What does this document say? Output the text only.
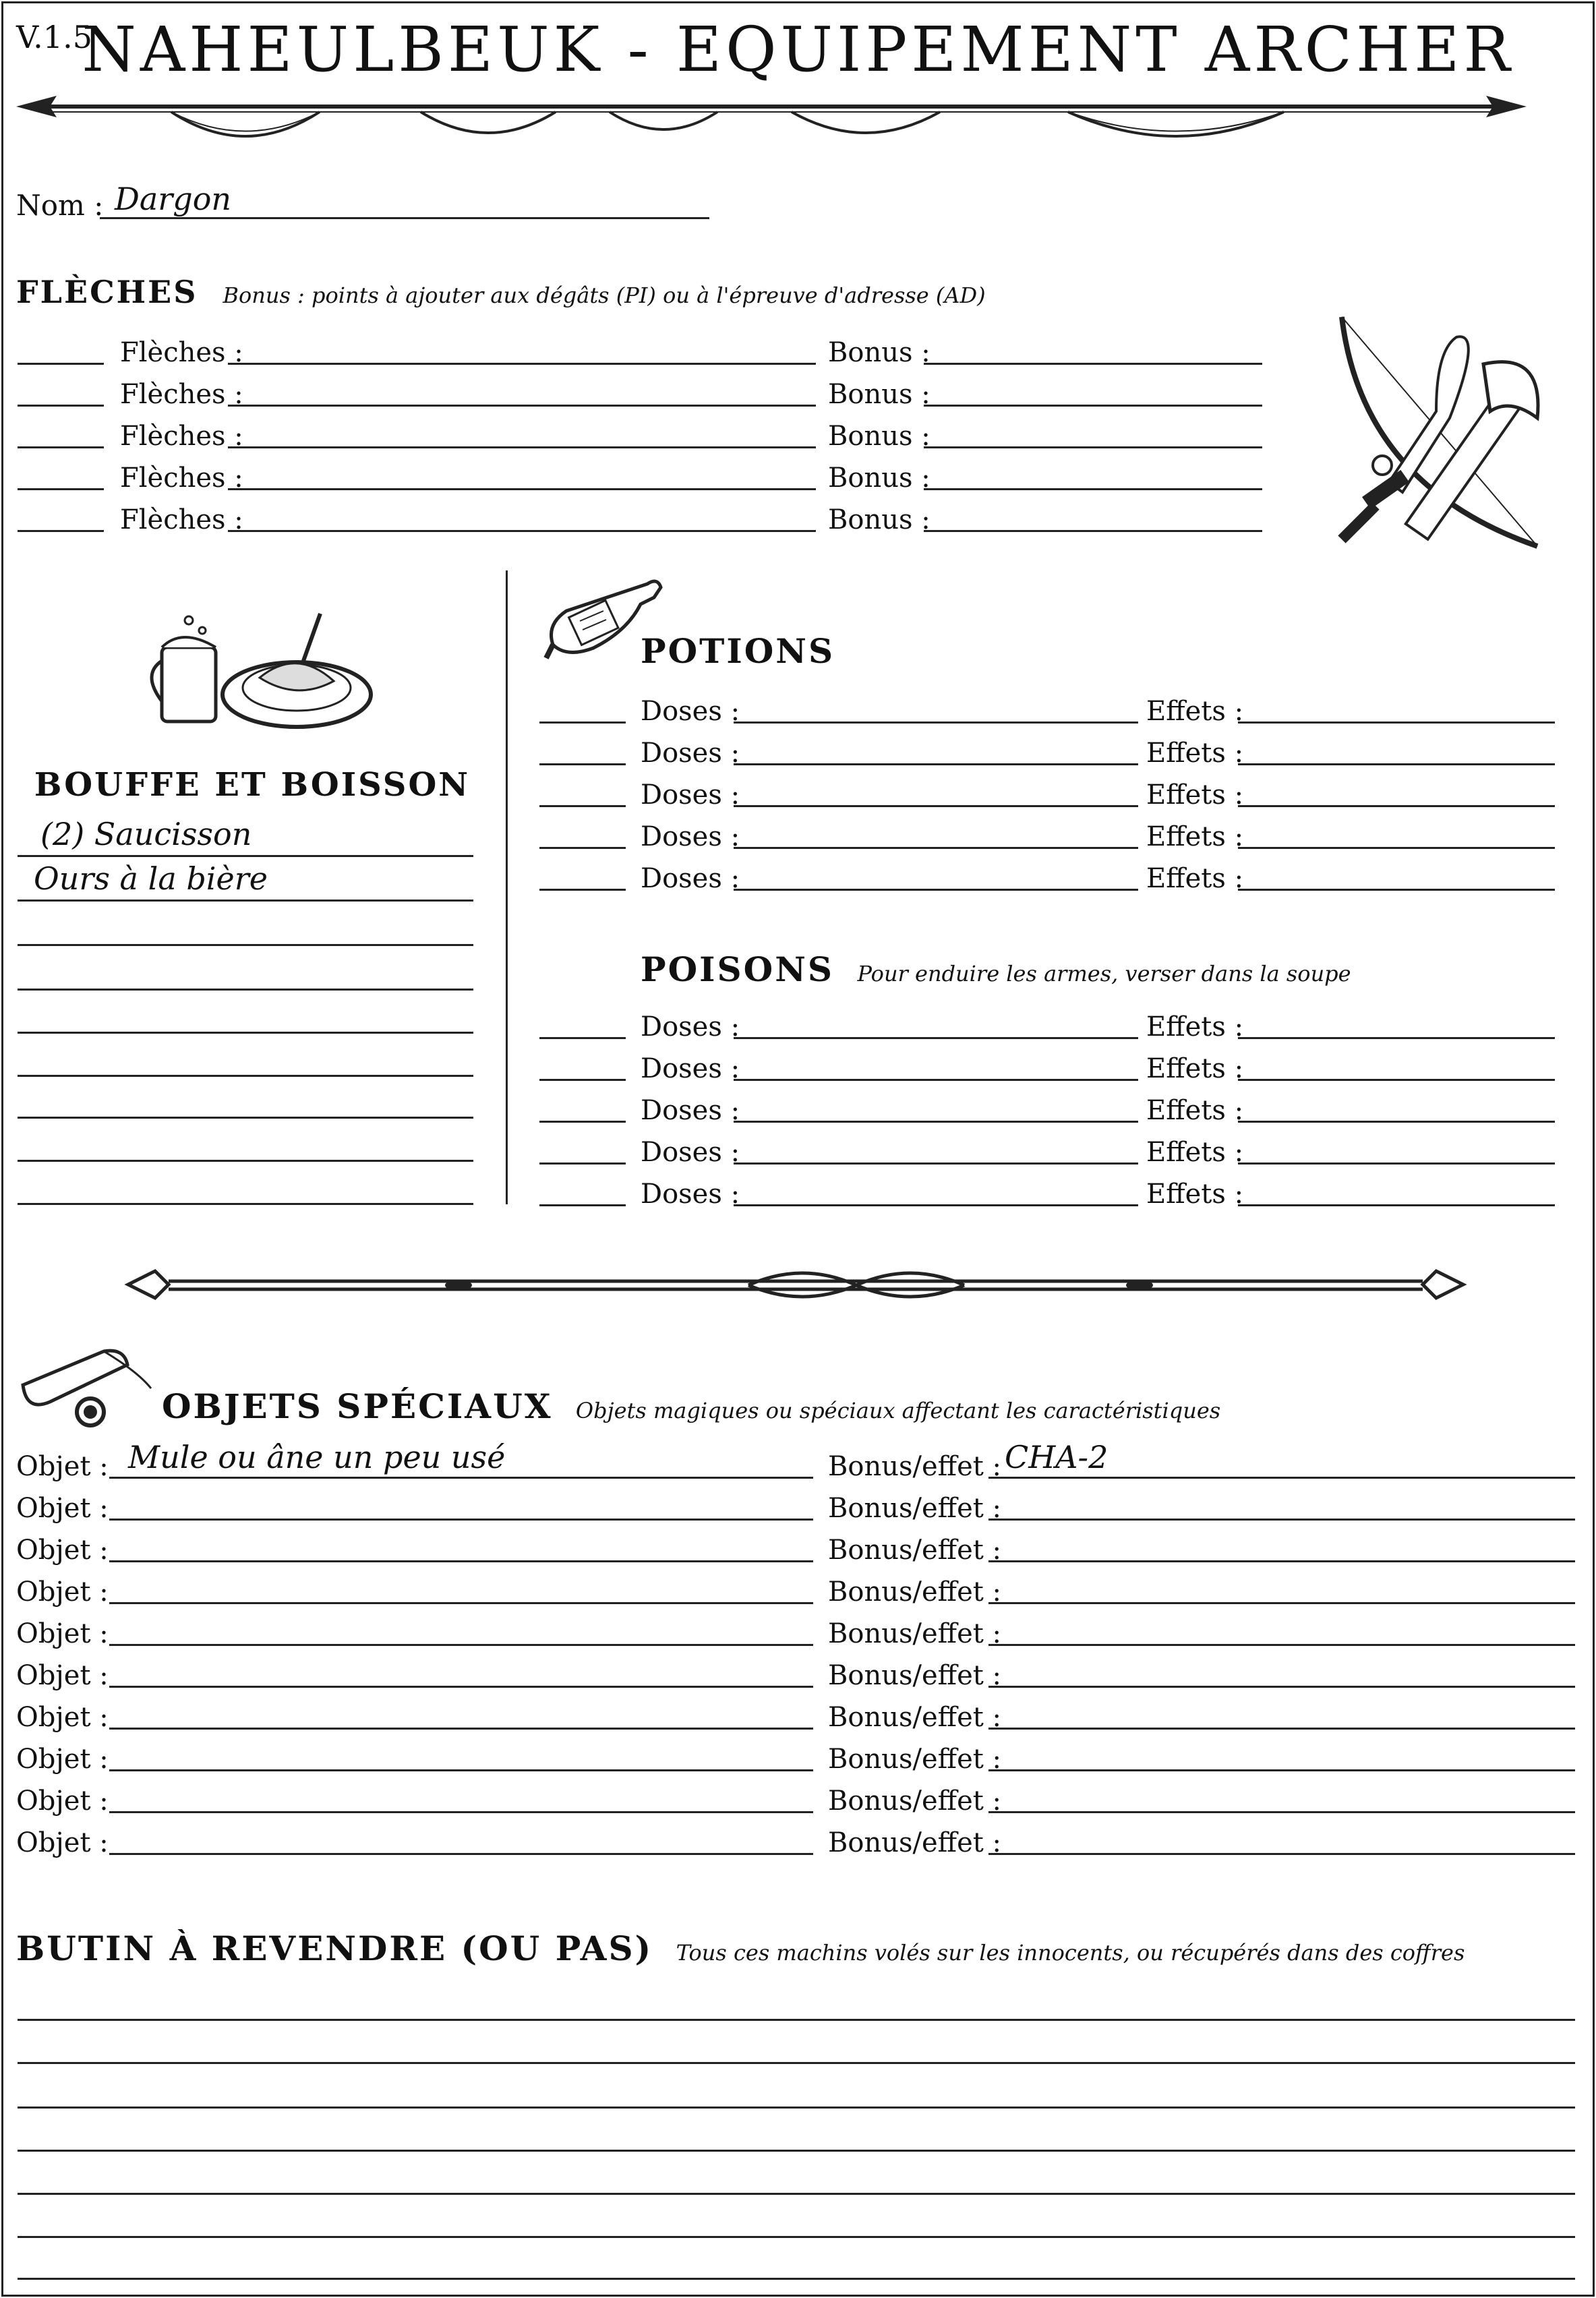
V.1.5
NAHEULBEUK - EQUIPEMENT ARCHER
Nom : Dargon
FLÈCHES Bonus : points à ajouter aux dégâts (PI) ou à l'épreuve d'adresse (AD)
Flèches :	Bonus :
Flèches :	Bonus :
Flèches :	Bonus :
Flèches :	Bonus :
Flèches :	Bonus :
BOUFFE ET BOISSON
(2) Saucisson
Ours à la bière
POTIONS
Doses :	Effets :
Doses :	Effets :
Doses :	Effets :
Doses :	Effets :
Doses :	Effets :
POISONS Pour enduire les armes, verser dans la soupe
Doses :	Effets :
Doses :	Effets :
Doses :	Effets :
Doses :	Effets :
Doses :	Effets :
OBJETS SPÉCIAUX Objets magiques ou spéciaux affectant les caractéristiques
Objet : Mule ou âne un peu usé	Bonus/effet : CHA-2
Objet :	Bonus/effet :
Objet :	Bonus/effet :
Objet :	Bonus/effet :
Objet :	Bonus/effet :
Objet :	Bonus/effet :
Objet :	Bonus/effet :
Objet :	Bonus/effet :
Objet :	Bonus/effet :
Objet :	Bonus/effet :
BUTIN À REVENDRE (OU PAS) Tous ces machins volés sur les innocents, ou récupérés dans des coffres
